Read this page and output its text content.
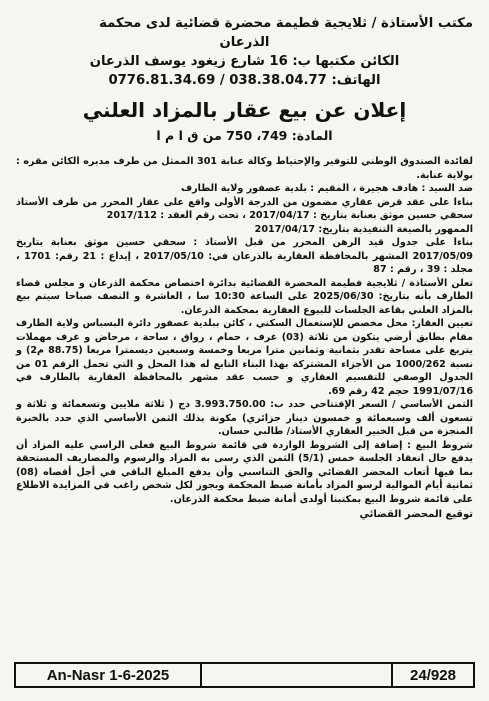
مكتب الأستاذة / ثلايجية فطيمة محضرة قضائية لدى محكمة
الذرعان
الكائن مكتبها ب: 16 شارع زيغود يوسف الذرعان
الهاتف: 038.38.04.77 / 0776.81.34.69
إعلان عن بيع عقار بالمزاد العلني
المادة: 749، 750 من ق ا م ا

لفائدة الصندوق الوطني للتوفير والإحتياط وكالة عنابة 301 الممثل من طرف مديره الكائن مقره : بولاية عنابة.

ضد السيد : هادف هجيرة ، المقيم : بلدية عصفور ولاية الطارف

بناءا على عقد قرض عقاري مضمون من الدرجة الأولى واقع على عقار المحرر من طرف الأستاذ سحقي حسين موثق بعنابة بتاريخ : 2017/04/17 ، تحت رقم العقد : 2017/112

الممهور بالصيغة التنفيذية بتاريخ: 2017/04/17

بناءا على جدول قيد الرهن المحرر من قبل الأستاذ : سحقي حسين موثق بعنابة بتاريخ 2017/05/09 المشهر بالمحافظة العقارية بالذرعان في: 2017/05/10 ، إيداع : 21 رقم: 1701 ، مجلد : 39 ، رقم : 87

تعلن الأستاذة / ثلايجية فطيمة المحضرة القضائية بدائرة اختصاص محكمة الذرعان و مجلس قضاء الطارف بأنه بتاريخ: 2025/06/30 على الساعة 10:30 سا ، العاشرة و النصف صباحا سيتم بيع بالمزاد العلني بقاعة الجلسات للبيوع العقارية بمحكمة الذرعان.

تعيين العقار: محل مخصص للإستعمال السكني ، كائن ببلدية عصفور دائرة البسباس ولاية الطارف مقام بطابق أرضي يتكون من ثلاثة (03) غرف ، حمام ، رواق ، ساحة ، مرحاض و غرف مهملات يتربع على مساحة تقدر بثمانية وثمانين مترا مربعا وخمسة وسبعين ديسمترا مربعا (88.75 م2) و نسبة 1000/262 من الأجزاء المشتركة بهذا البناء التابع له هذا المحل و التي تحمل الرقم 01 من الجدول الوصفي للتقسيم العقاري و حسب عقد مشهر بالمحافظة العقارية بالطارف في 1991/07/16 حجم 42 رقم 69.

الثمن الأساسي / السعر الإفتتاحي حدد ب: 3.993.750.00 دج ( ثلاثة ملايين وتسعمائة و ثلاثة و تسعون ألف وسبعمائة و خمسون دينار جزائري) مكونة بذلك الثمن الأساسي الذي حدد بالخبرة المنجزة من قبل الخبير العقاري الأستاذ/ طالبي حسان.

شروط البيع : إضافة إلى الشروط الواردة في قائمة شروط البيع فعلى الراسي عليه المزاد أن يدفع حال انعقاد الجلسة خمس (5/1) الثمن الذي رسى به المزاد والرسوم والمصاريف المستحقة بما فيها أتعاب المحضر القضائي والحق التناسبي وأن يدفع المبلغ الباقي في أجل أقصاه (08) ثمانية أيام الموالية لرسو المزاد بأمانة ضبط المحكمة ويجوز لكل شخص راغب في المزايدة الاطلاع على قائمة شروط البيع بمكتبنا أولدى أمانة ضبط محكمة الذرعان.

توقيع المحضر القضائي
An-Nasr 1-6-2025	24/928
